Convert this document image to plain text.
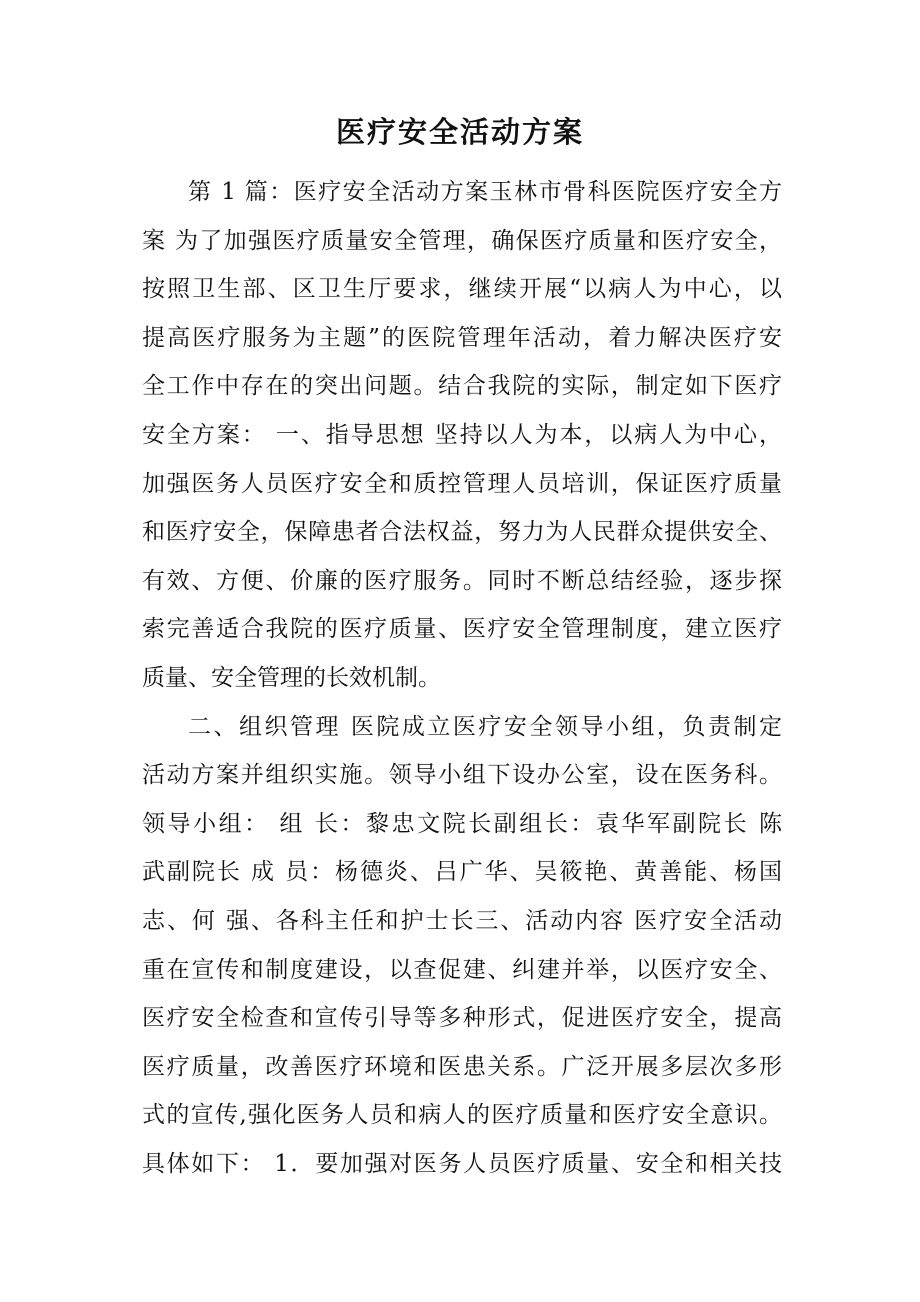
医疗安全活动方案
第 1 篇：医疗安全活动方案玉林市骨科医院医疗安全方
案 为了加强医疗质量安全管理，确保医疗质量和医疗安全，
按照卫生部、区卫生厅要求，继续开展“以病人为中心，以
提高医疗服务为主题”的医院管理年活动，着力解决医疗安
全工作中存在的突出问题。结合我院的实际，制定如下医疗
安全方案： 一、指导思想 坚持以人为本，以病人为中心，
加强医务人员医疗安全和质控管理人员培训，保证医疗质量
和医疗安全，保障患者合法权益，努力为人民群众提供安全、
有效、方便、价廉的医疗服务。同时不断总结经验，逐步探
索完善适合我院的医疗质量、医疗安全管理制度，建立医疗
质量、安全管理的长效机制。
二、组织管理 医院成立医疗安全领导小组，负责制定
活动方案并组织实施。领导小组下设办公室，设在医务科。
领导小组： 组 长：黎忠文院长副组长：袁华军副院长 陈
武副院长 成 员：杨德炎、吕广华、吴筱艳、黄善能、杨国
志、何 强、各科主任和护士长三、活动内容 医疗安全活动
重在宣传和制度建设，以查促建、纠建并举，以医疗安全、
医疗安全检查和宣传引导等多种形式，促进医疗安全，提高
医疗质量，改善医疗环境和医患关系。广泛开展多层次多形
式的宣传,强化医务人员和病人的医疗质量和医疗安全意识。
具体如下： 1．要加强对医务人员医疗质量、安全和相关技
